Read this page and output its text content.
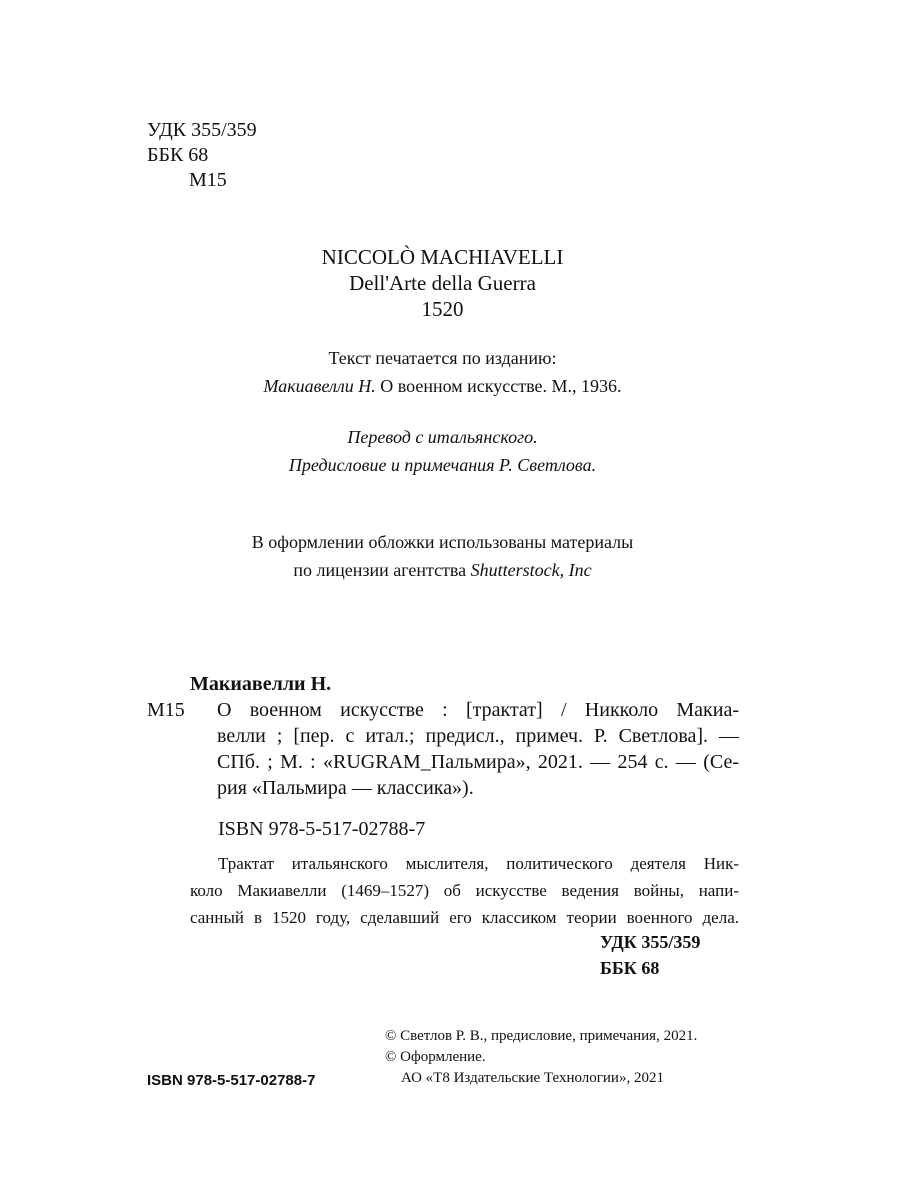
УДК 355/359
ББК 68
М15
NICCOLÒ MACHIAVELLI
Dell'Arte della Guerra
1520
Текст печатается по изданию:
Макиавелли Н. О военном искусстве. М., 1936.
Перевод с итальянского.
Предисловие и примечания Р. Светлова.
В оформлении обложки использованы материалы
по лицензии агентства Shutterstock, Inc
Макиавелли Н.
М15 О военном искусстве : [трактат] / Никколо Макиа-
велли ; [пер. с итал.; предисл., примеч. Р. Светлова]. —
СПб. ; М. : «RUGRAM_Пальмира», 2021. — 254 с. — (Се-
рия «Пальмира — классика»).
ISBN 978-5-517-02788-7
Трактат итальянского мыслителя, политического деятеля Ник-
коло Макиавелли (1469–1527) об искусстве ведения войны, напи-
санный в 1520 году, сделавший его классиком теории военного дела.
УДК 355/359
ББК 68
© Светлов Р. В., предисловие, примечания, 2021.
© Оформление.
АО «Т8 Издательские Технологии», 2021
ISBN 978-5-517-02788-7
